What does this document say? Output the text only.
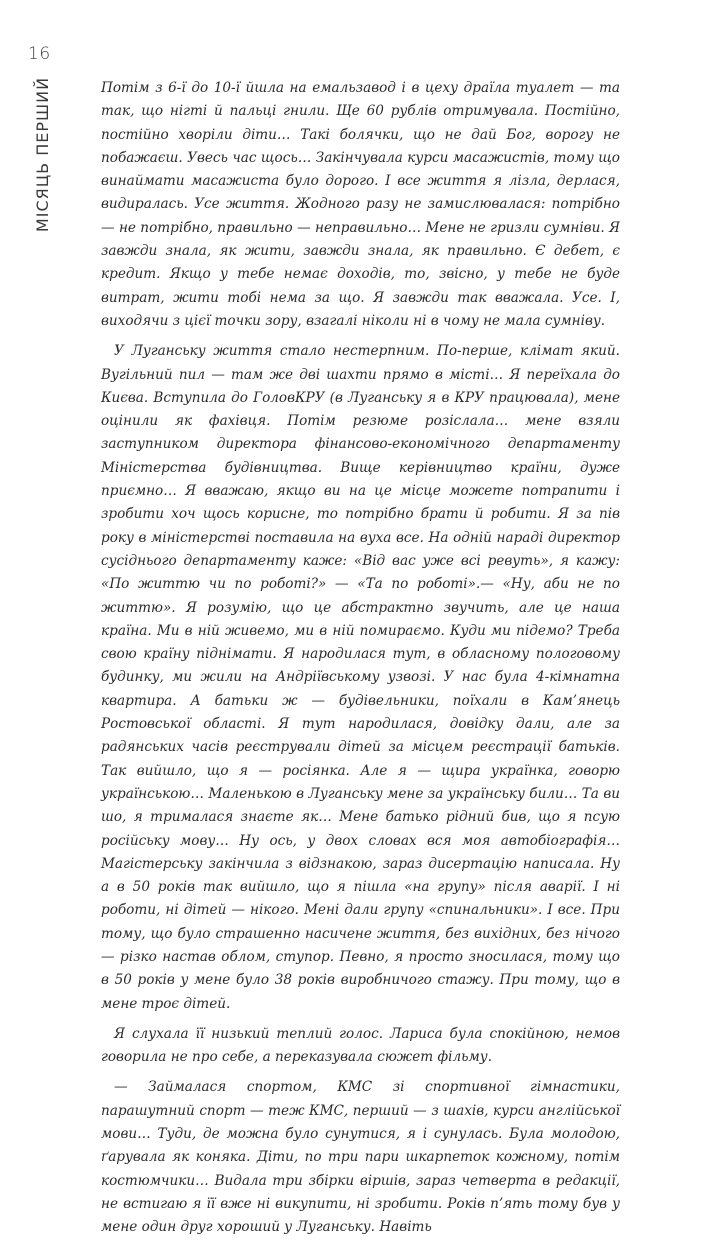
16
МІСЯЦЬ ПЕРШИЙ	Потім з 6-ї до 10-ї йшла на емальзавод і в цеху драїла туалет — та так, що нігті й пальці гнили. Ще 60 рублів отримувала. Постійно, постійно хворіли діти… Такі болячки, що не дай Бог, ворогу не побажаєш. Увесь час щось… Закінчувала курси масажистів, тому що винаймати масажиста було дорого. І все життя я лізла, дерлася, видиралась. Усе життя. Жодного разу не замислювалася: потрібно — не потрібно, правильно — неправильно… Мене не гризли сумніви. Я завжди знала, як жити, завжди знала, як правильно. Є дебет, є кредит. Якщо у тебе немає доходів, то, звісно, у тебе не буде витрат, жити тобі нема за що. Я завжди так вважала. Усе. І, виходячи з цієї точки зору, взагалі ніколи ні в чому не мала сумніву.

У Луганську життя стало нестерпним. По-перше, клімат який. Вугільний пил — там же дві шахти прямо в місті… Я переїхала до Києва. Вступила до ГоловКРУ (в Луганську я в КРУ працювала), мене оцінили як фахівця. Потім резюме розіслала… мене взяли заступником директора фінансово-економічного департаменту Міністерства будівництва. Вище керівництво країни, дуже приємно… Я вважаю, якщо ви на це місце можете потрапити і зробити хоч щось корисне, то потрібно брати й робити. Я за пів року в міністерстві поставила на вуха все. На одній нараді директор сусіднього департаменту каже: «Від вас уже всі ревуть», я кажу: «По життю чи по роботі?» — «Та по роботі».— «Ну, аби не по життю». Я розумію, що це абстрактно звучить, але це наша країна. Ми в ній живемо, ми в ній помираємо. Куди ми підемо? Треба свою країну піднімати. Я народилася тут, в обласному пологовому будинку, ми жили на Андріївському узвозі. У нас була 4-кімнатна квартира. А батьки ж — будівельники, поїхали в Кам’янець Ростовської області. Я тут народилася, довідку дали, але за радянських часів реєстрували дітей за місцем реєстрації батьків. Так вийшло, що я — росіянка. Але я — щира українка, говорю українською… Маленькою в Луганську мене за українську били… Та ви шо, я трималася знаєте як… Мене батько рідний бив, що я псую російську мову… Ну ось, у двох словах вся моя автобіографія… Магістерську закінчила з відзнакою, зараз дисертацію написала. Ну а в 50 років так вийшло, що я пішла «на групу» після аварії. І ні роботи, ні дітей — нікого. Мені дали групу «спинальники». І все. При тому, що було страшенно насичене життя, без вихідних, без нічого — різко настав облом, ступор. Певно, я просто зносилася, тому що в 50 років у мене було 38 років виробничого стажу. При тому, що в мене троє дітей.

Я слухала її низький теплий голос. Лариса була спокійною, немов говорила не про себе, а переказувала сюжет фільму.

— Займалася спортом, КМС зі спортивної гімнастики, парашутний спорт — теж КМС, перший — з шахів, курси англійської мови… Туди, де можна було сунутися, я і сунулась. Була молодою, ґарувала як коняка. Діти, по три пари шкарпеток кожному, потім костюмчики… Видала три збірки віршів, зараз четверта в редакції, не встигаю я її вже ні викупити, ні зробити. Років п’ять тому був у мене один друг хороший у Луганську. Навіть
